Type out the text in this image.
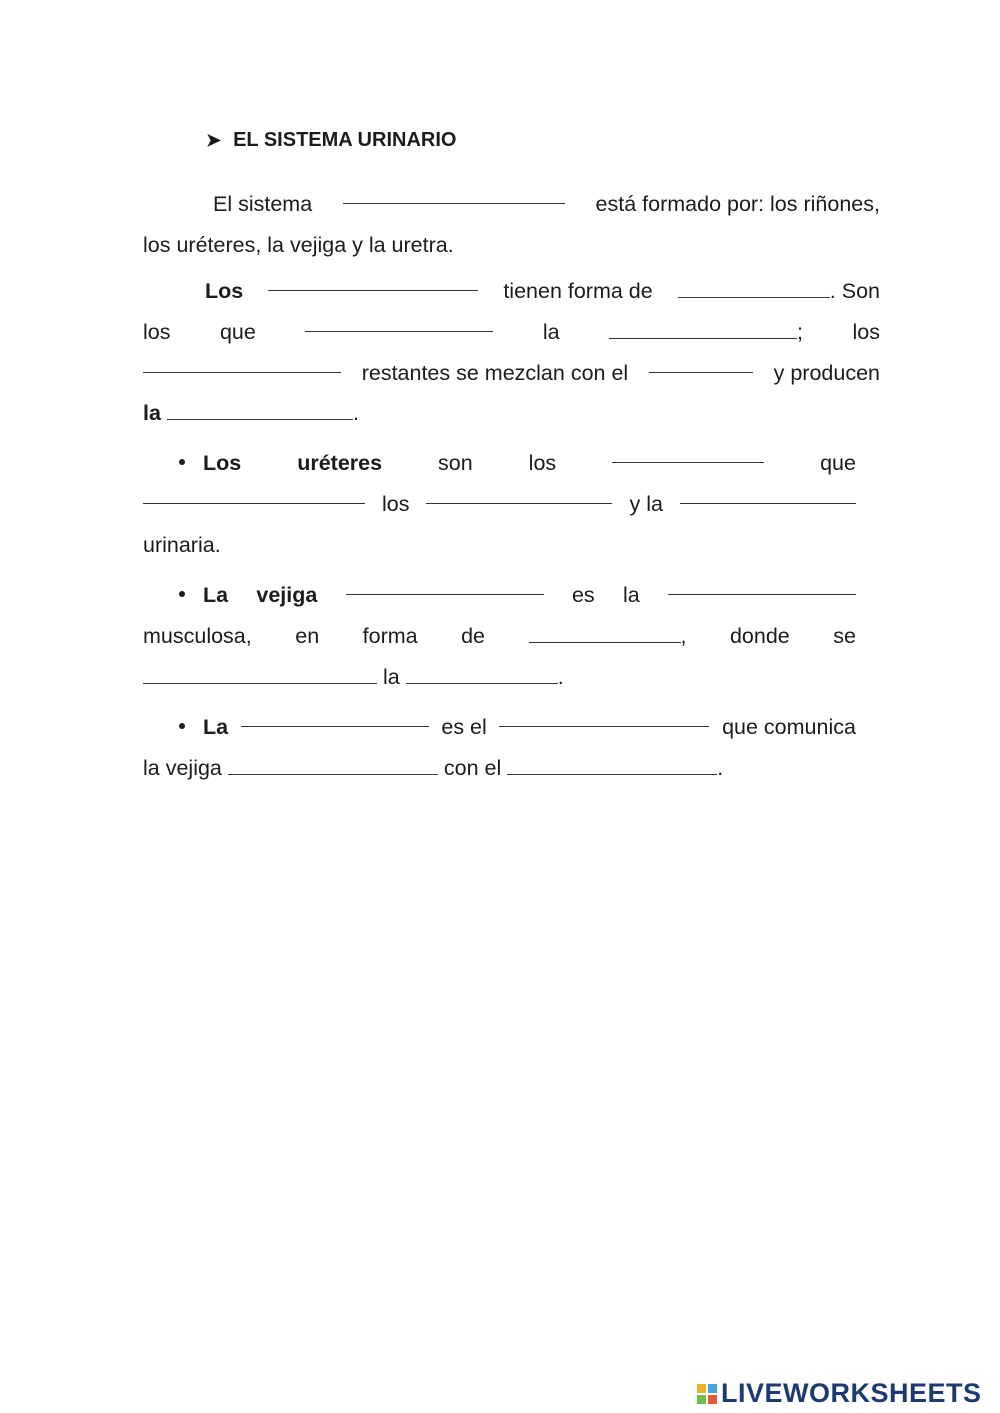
➤ EL SISTEMA URINARIO
El sistema	está formado por: los riñones,
los uréteres, la vejiga y la uretra.
Los	tienen forma de	. Son
los que	la	; los
restantes se mezclan con el	y producen
la	.
Los	uréteres	son	los	que
los	y la
urinaria.
La vejiga	es la
musculosa, en forma de	, donde se
la	.
La	es el	que comunica
la vejiga	con el	.
LIVEWORKSHEETS
